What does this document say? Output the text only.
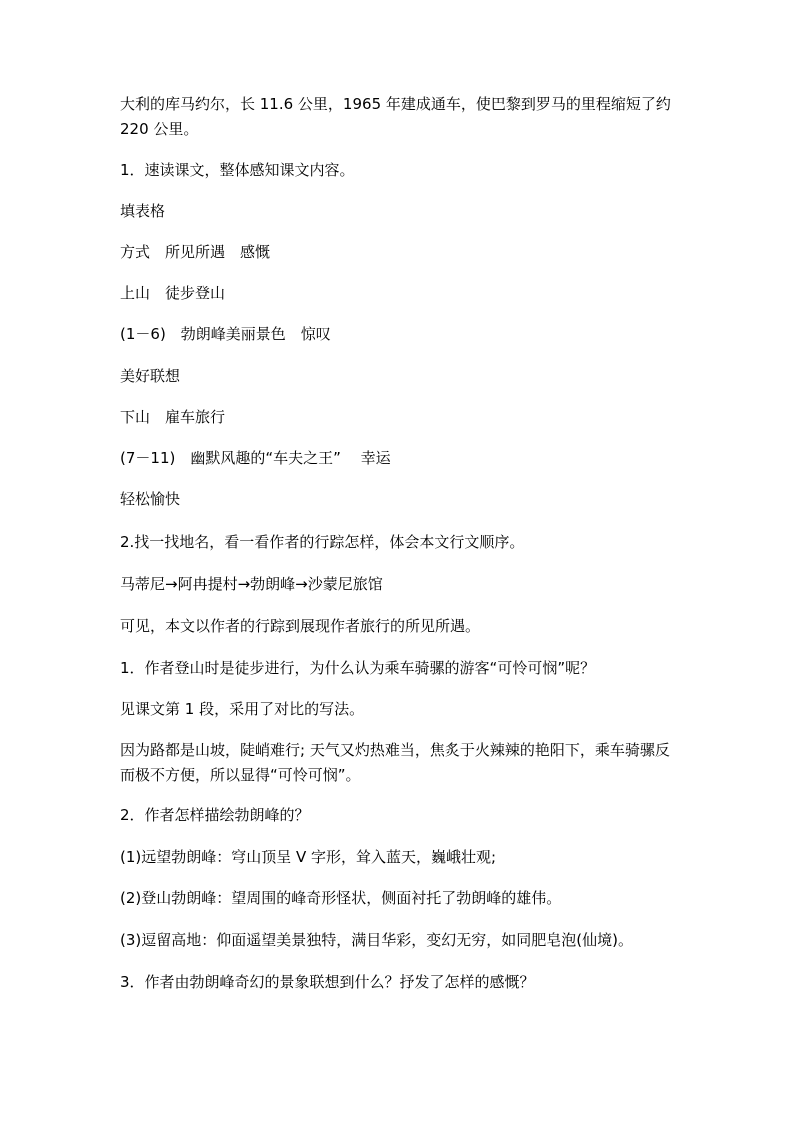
大利的库马约尔，长 11.6 公里，1965 年建成通车，使巴黎到罗马的里程缩短了约 220 公里。

1．速读课文，整体感知课文内容。

填表格

方式　所见所遇　感慨

上山　徒步登山

(1－6)　勃朗峰美丽景色　惊叹

美好联想

下山　雇车旅行

(7－11)　幽默风趣的“车夫之王”　 幸运

轻松愉快

2.找一找地名，看一看作者的行踪怎样，体会本文行文顺序。

马蒂尼→阿冉提村→勃朗峰→沙蒙尼旅馆

可见，本文以作者的行踪到展现作者旅行的所见所遇。

1．作者登山时是徒步进行，为什么认为乘车骑骡的游客“可怜可悯”呢？

见课文第 1 段，采用了对比的写法。

因为路都是山坡，陡峭难行; 天气又灼热难当，焦炙于火辣辣的艳阳下，乘车骑骡反而极不方便，所以显得“可怜可悯”。

2．作者怎样描绘勃朗峰的？

(1)远望勃朗峰：穹山顶呈 V 字形，耸入蓝天，巍峨壮观;

(2)登山勃朗峰：望周围的峰奇形怪状，侧面衬托了勃朗峰的雄伟。

(3)逗留高地：仰面遥望美景独特，满目华彩，变幻无穷，如同肥皂泡(仙境)。

3．作者由勃朗峰奇幻的景象联想到什么？抒发了怎样的感慨？
